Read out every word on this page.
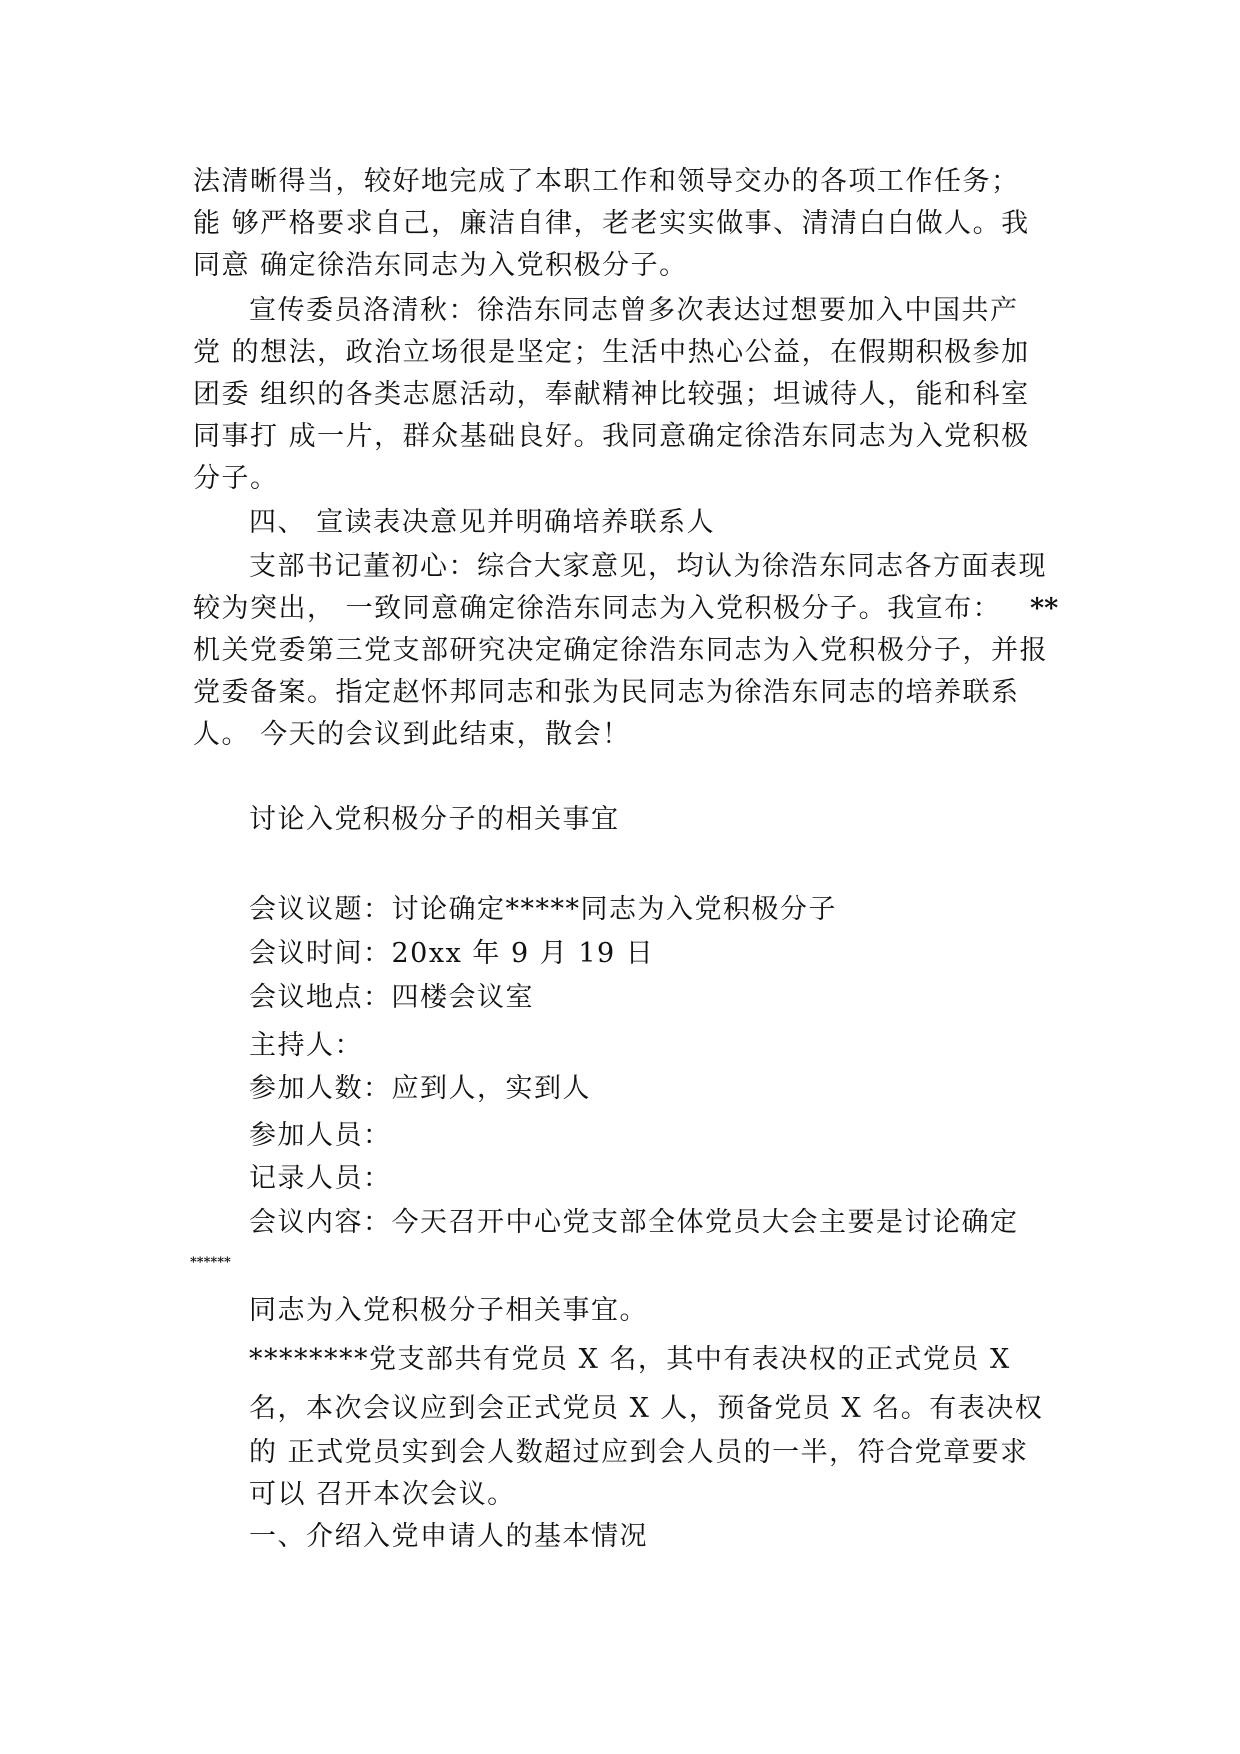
法清晰得当，较好地完成了本职工作和领导交办的各项工作任务；
能 够严格要求自己，廉洁自律，老老实实做事、清清白白做人。我
同意 确定徐浩东同志为入党积极分子。
宣传委员洛清秋：徐浩东同志曾多次表达过想要加入中国共产
党 的想法，政治立场很是坚定；生活中热心公益，在假期积极参加
团委 组织的各类志愿活动，奉献精神比较强；坦诚待人，能和科室
同事打 成一片，群众基础良好。我同意确定徐浩东同志为入党积极
分子。
四、 宣读表决意见并明确培养联系人
支部书记董初心：综合大家意见，均认为徐浩东同志各方面表现
较为突出， 一致同意确定徐浩东同志为入党积极分子。我宣布： **
机关党委第三党支部研究决定确定徐浩东同志为入党积极分子，并报
党委备案。指定赵怀邦同志和张为民同志为徐浩东同志的培养联系
人。 今天的会议到此结束，散会！
讨论入党积极分子的相关事宜
会议议题：讨论确定*****同志为入党积极分子
会议时间：20xx 年 9 月 19 日
会议地点：四楼会议室
主持人：
参加人数：应到人，实到人
参加人员：
记录人员：
会议内容：今天召开中心党支部全体党员大会主要是讨论确定
******
同志为入党积极分子相关事宜。
********党支部共有党员 X 名，其中有表决权的正式党员 X
名，本次会议应到会正式党员 X 人，预备党员 X 名。有表决权
的 正式党员实到会人数超过应到会人员的一半，符合党章要求
可以 召开本次会议。
一、介绍入党申请人的基本情况
